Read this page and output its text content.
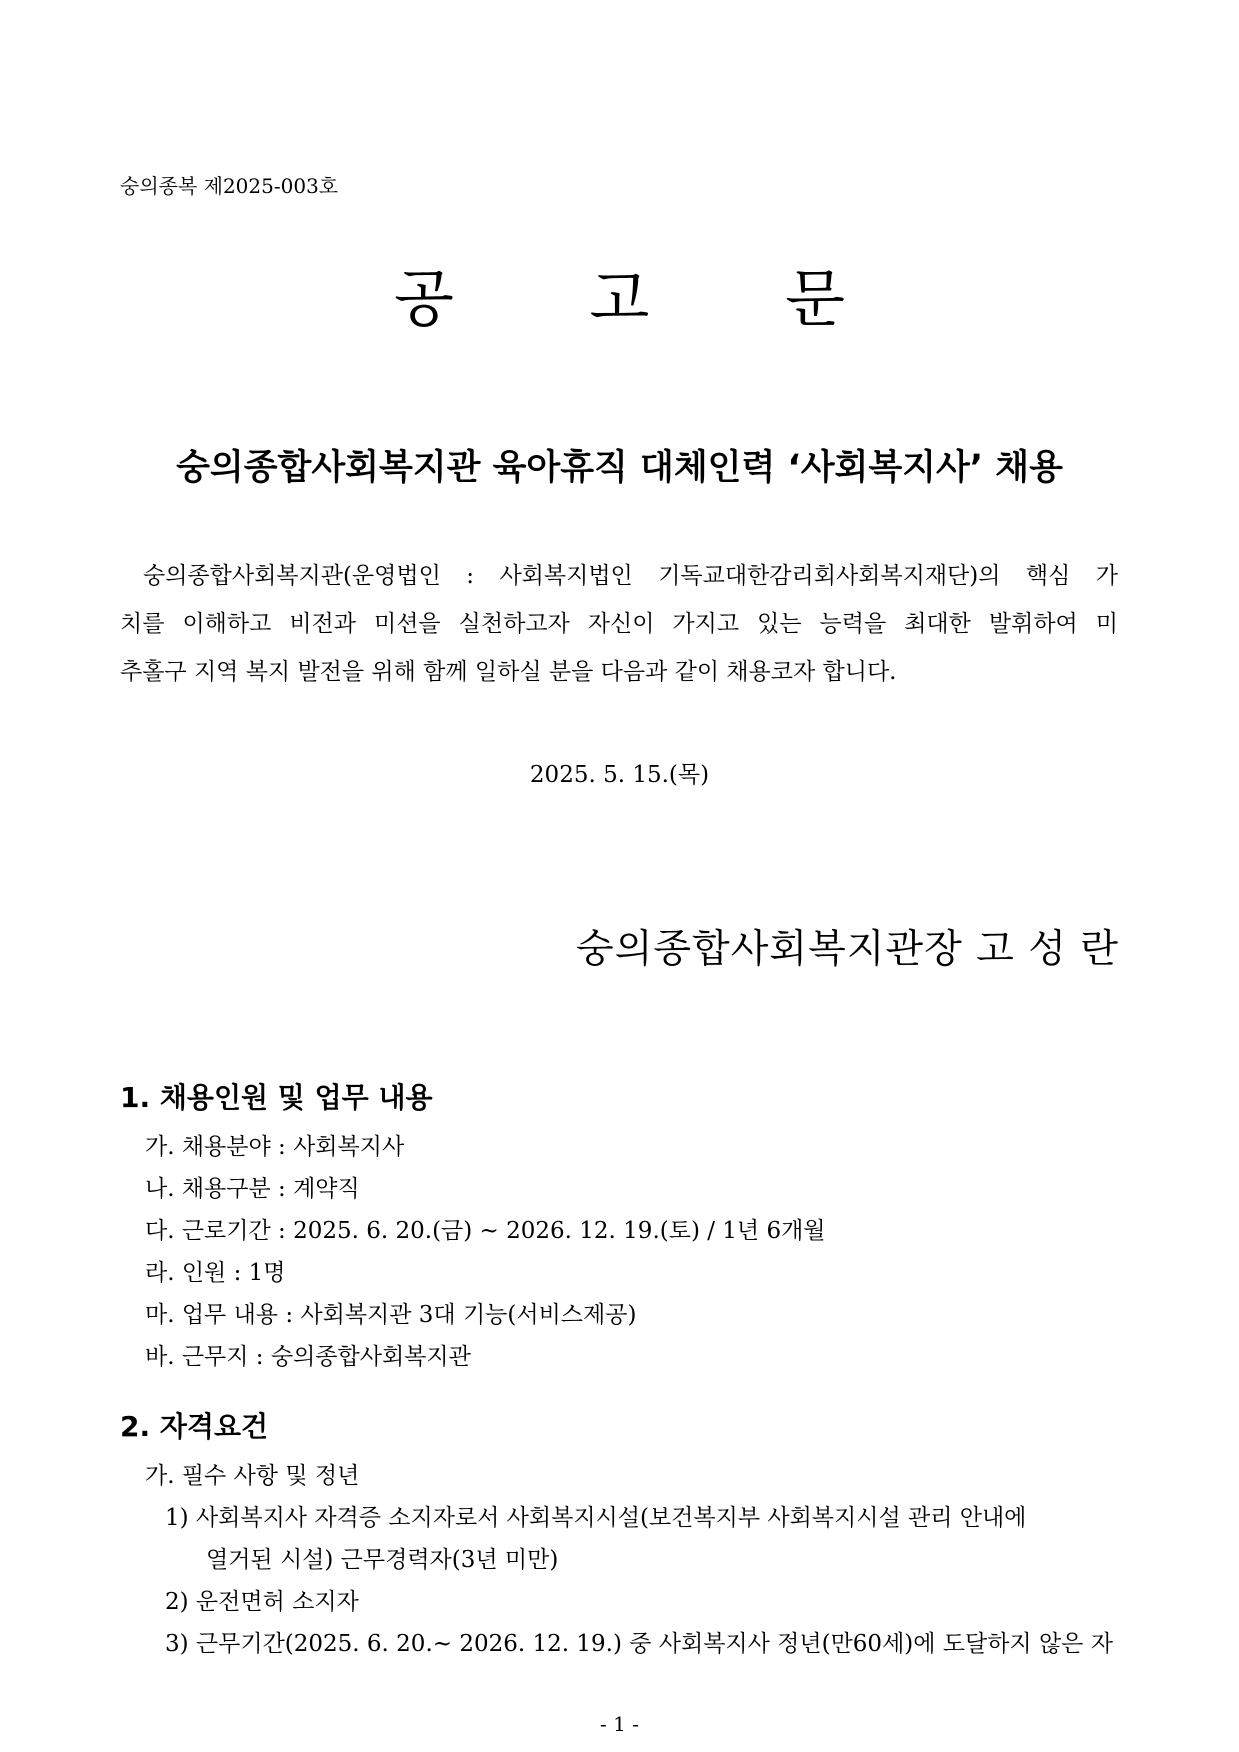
숭의종복 제2025-003호
공 고 문
숭의종합사회복지관 육아휴직 대체인력 ‘사회복지사’ 채용

숭의종합사회복지관(운영법인 : 사회복지법인 기독교대한감리회사회복지재단)의 핵심 가

치를 이해하고 비전과 미션을 실천하고자 자신이 가지고 있는 능력을 최대한 발휘하여 미

추홀구 지역 복지 발전을 위해 함께 일하실 분을 다음과 같이 채용코자 합니다.

2025. 5. 15.(목)
숭의종합사회복지관장 고 성 란
1. 채용인원 및 업무 내용
가. 채용분야 : 사회복지사
나. 채용구분 : 계약직
다. 근로기간 : 2025. 6. 20.(금) ~ 2026. 12. 19.(토) / 1년 6개월
라. 인원 : 1명
마. 업무 내용 : 사회복지관 3대 기능(서비스제공)
바. 근무지 : 숭의종합사회복지관
2. 자격요건
가. 필수 사항 및 정년
1) 사회복지사 자격증 소지자로서 사회복지시설(보건복지부 사회복지시설 관리 안내에
열거된 시설) 근무경력자(3년 미만)
2) 운전면허 소지자
3) 근무기간(2025. 6. 20.~ 2026. 12. 19.) 중 사회복지사 정년(만60세)에 도달하지 않은 자
- 1 -
